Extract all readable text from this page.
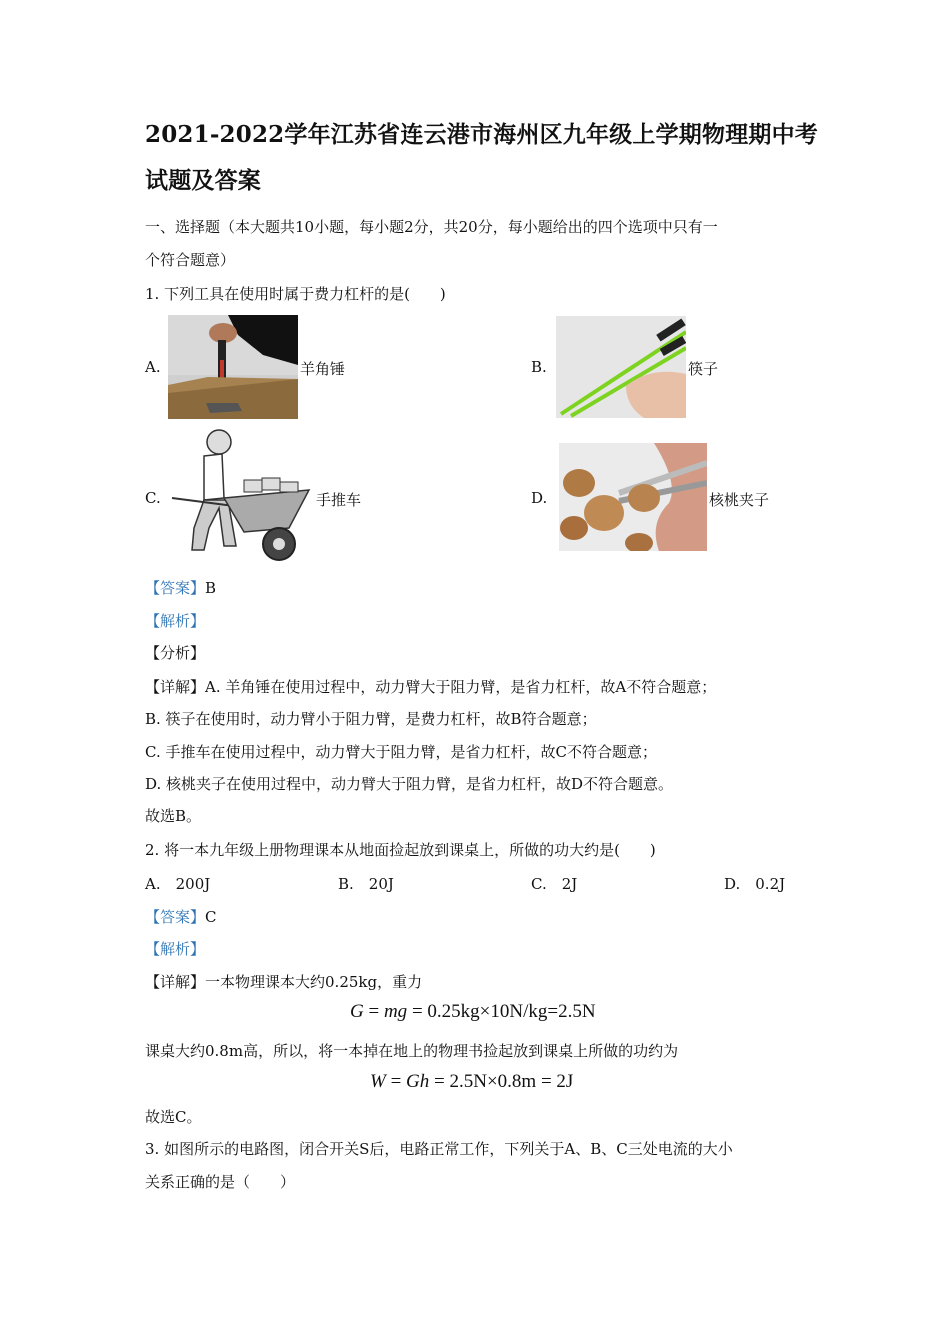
2021-2022学年江苏省连云港市海州区九年级上学期物理期中考试题及答案
一、选择题（本大题共10小题，每小题2分，共20分，每小题给出的四个选项中只有一
个符合题意）
1. 下列工具在使用时属于费力杠杆的是(　　)
A.	羊角锤	B.	筷子
C.	手推车	D.	核桃夹子
【答案】B
【解析】
【分析】
【详解】A. 羊角锤在使用过程中，动力臂大于阻力臂，是省力杠杆，故A不符合题意；
B. 筷子在使用时，动力臂小于阻力臂，是费力杠杆，故B符合题意；
C. 手推车在使用过程中，动力臂大于阻力臂，是省力杠杆，故C不符合题意；
D. 核桃夹子在使用过程中，动力臂大于阻力臂，是省力杠杆，故D不符合题意。
故选B。
2. 将一本九年级上册物理课本从地面捡起放到课桌上，所做的功大约是(　　)
A.　200J	B.　20J	C.　2J	D.　0.2J
【答案】C
【解析】
【详解】一本物理课本大约0.25kg，重力
G = mg = 0.25kg×10N/kg=2.5N
课桌大约0.8m高，所以，将一本掉在地上的物理书捡起放到课桌上所做的功约为
W = Gh = 2.5N×0.8m = 2J
故选C。
3. 如图所示的电路图，闭合开关S后，电路正常工作，下列关于A、B、C三处电流的大小
关系正确的是（　　）
